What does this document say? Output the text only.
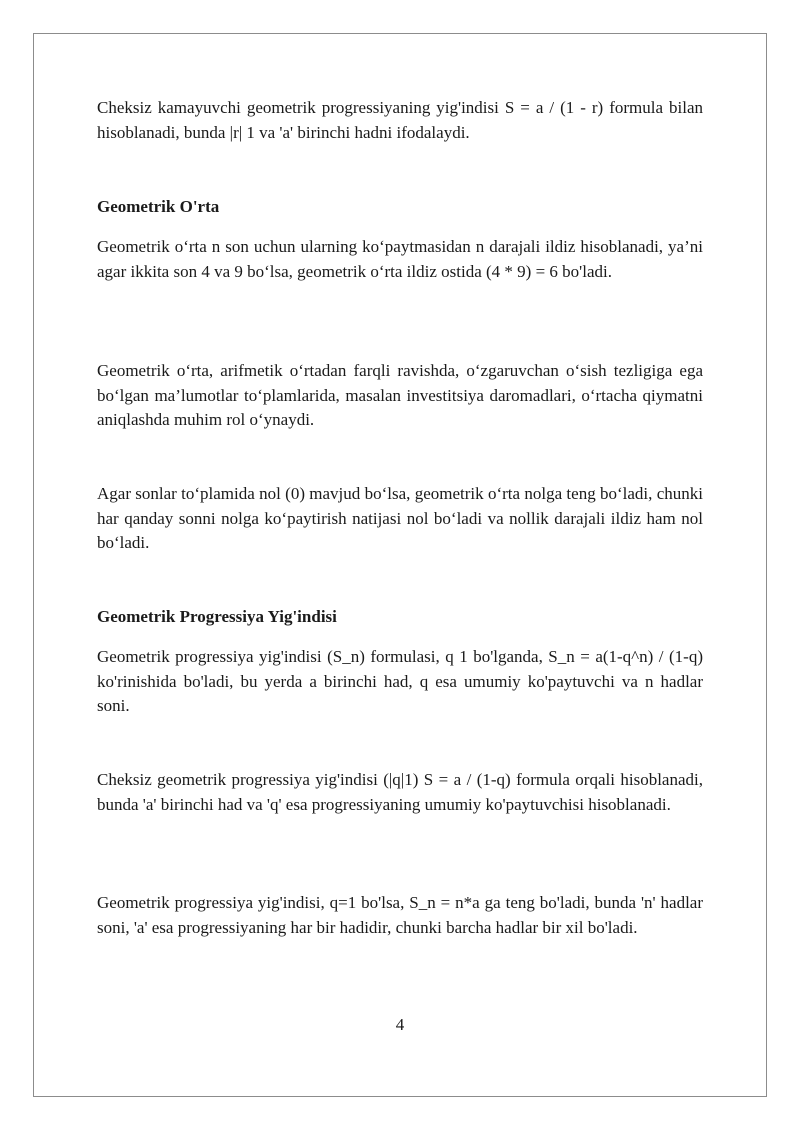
Cheksiz kamayuvchi geometrik progressiyaning yig'indisi S = a / (1 - r) formula bilan hisoblanadi, bunda |r| 1 va 'a' birinchi hadni ifodalaydi.

Geometrik O'rta

Geometrik o‘rta n son uchun ularning ko‘paytmasidan n darajali ildiz hisoblanadi, ya’ni agar ikkita son 4 va 9 bo‘lsa, geometrik o‘rta ildiz ostida (4 * 9) = 6 bo'ladi.

Geometrik o‘rta, arifmetik o‘rtadan farqli ravishda, o‘zgaruvchan o‘sish tezligiga ega bo‘lgan ma’lumotlar to‘plamlarida, masalan investitsiya daromadlari, o‘rtacha qiymatni aniqlashda muhim rol o‘ynaydi.

Agar sonlar to‘plamida nol (0) mavjud bo‘lsa, geometrik o‘rta nolga teng bo‘ladi, chunki har qanday sonni nolga ko‘paytirish natijasi nol bo‘ladi va nollik darajali ildiz ham nol bo‘ladi.

Geometrik Progressiya Yig'indisi

Geometrik progressiya yig'indisi (S_n) formulasi, q 1 bo'lganda, S_n = a(1-q^n) / (1-q) ko'rinishida bo'ladi, bu yerda a birinchi had, q esa umumiy ko'paytuvchi va n hadlar soni.

Cheksiz geometrik progressiya yig'indisi (|q|1) S = a / (1-q) formula orqali hisoblanadi, bunda 'a' birinchi had va 'q' esa progressiyaning umumiy ko'paytuvchisi hisoblanadi.

Geometrik progressiya yig'indisi, q=1 bo'lsa, S_n = n*a ga teng bo'ladi, bunda 'n' hadlar soni, 'a' esa progressiyaning har bir hadidir, chunki barcha hadlar bir xil bo'ladi.

4
